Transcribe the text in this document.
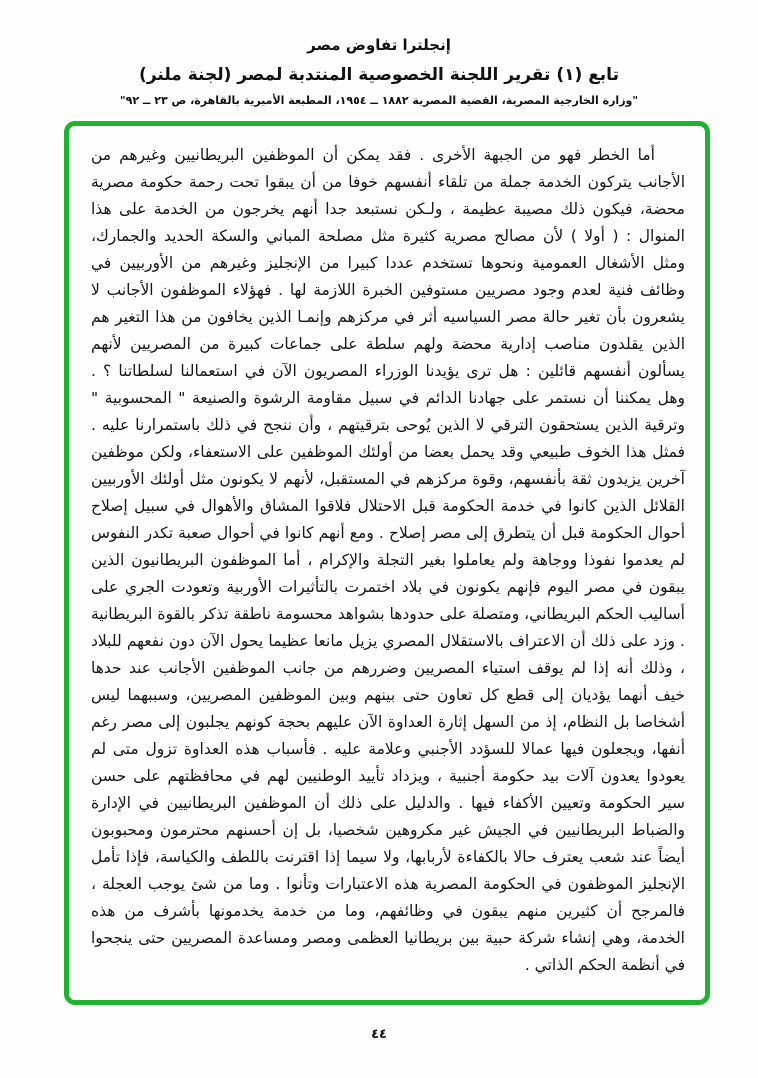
إنجلترا تفاوض مصر
تابع (١) تقرير اللجنة الخصوصية المنتدبة لمصر (لجنة ملنر)
"وزارة الخارجية المصرية، القضية المصرية ١٨٨٢ ــ ١٩٥٤، المطبعة الأميرية بالقاهرة، ص ٢٣ ــ ٩٢"

أما الخطر فهو من الجبهة الأخرى . فقد يمكن أن الموظفين البريطانيين وغيرهم من الأجانب يتركون الخدمة جملة من تلقاء أنفسهم خوفا من أن يبقوا تحت رحمة حكومة مصرية محضة، فيكون ذلك مصيبة عظيمة ، ولـكن نستبعد جدا أنهم يخرجون من الخدمة على هذا المنوال : ( أولا ) لأن مصالح مصرية كثيرة مثل مصلحة المباني والسكة الحديد والجمارك، ومثل الأشغال العمومية ونحوها تستخدم عددا كبيرا من الإنجليز وغيرهم من الأوربيين في وظائف فنية لعدم وجود مصريين مستوفين الخبرة اللازمة لها . فهؤلاء الموظفون الأجانب لا يشعرون بأن تغير حالة مصر السياسيه أثر في مركزهم وإنمـا الذين يخافون من هذا التغير هم الذين يقلدون مناصب إدارية محضة ولهم سلطة على جماعات كبيرة من المصريين لأنهم يسألون أنفسهم قائلين : هل ترى يؤيدنا الوزراء المصريون الآن في استعمالنا لسلطاتنا ؟ . وهل يمكننا أن نستمر على جهادنا الدائم في سبيل مقاومة الرشوة والصنيعة " المحسوبية " وترقية الذين يستحقون الترقي لا الذين يُوحى بترقيتهم ، وأن ننجح في ذلك باستمرارنا عليه . فمثل هذا الخوف طبيعي وقد يحمل بعضا من أولئك الموظفين على الاستعفاء، ولكن موظفين آخرين يزيدون ثقة بأنفسهم، وقوة مركزهم في المستقبل، لأنهم لا يكونون مثل أولئك الأوربيين القلائل الذين كانوا في خدمة الحكومة قبل الاحتلال فلاقوا المشاق والأهوال في سبيل إصلاح أحوال الحكومة قبل أن يتطرق إلى مصر إصلاح . ومع أنهم كانوا في أحوال صعبة تكدر النفوس لم يعدموا نفوذا ووجاهة ولم يعاملوا بغير التجلة والإكرام ، أما الموظفون البريطانيون الذين يبقون في مصر اليوم فإنهم يكونون في بلاد اختمرت بالتأثيرات الأوربية وتعودت الجري على أساليب الحكم البريطاني، ومتصلة على حدودها بشواهد محسومة ناطقة تذكر بالقوة البريطانية . وزد على ذلك أن الاعتراف بالاستقلال المصري يزيل مانعا عظيما يحول الآن دون نفعهم للبلاد ، وذلك أنه إذا لم يوقف استياء المصريين وضررهم من جانب الموظفين الأجانب عند حدها خيف أنهما يؤديان إلى قطع كل تعاون حتى بينهم وبين الموظفين المصريين، وسببهما ليس أشخاصا بل النظام، إذ من السهل إثارة العداوة الآن عليهم بحجة كونهم يجلبون إلى مصر رغم أنفها، ويجعلون فيها عمالا للسؤدد الأجنبي وعلامة عليه . فأسباب هذه العداوة تزول متى لم يعودوا يعدون آلات بيد حكومة أجنبية ، ويزداد تأييد الوطنيين لهم في محافظتهم على حسن سير الحكومة وتعيين الأكفاء فيها . والدليل على ذلك أن الموظفين البريطانيين في الإدارة والضباط البريطانيين في الجيش غير مكروهين شخصيا، بل إن أحسنهم محترمون ومحبوبون أيضاً عند شعب يعترف حالا بالكفاءة لأربابها، ولا سيما إذا اقترنت باللطف والكياسة، فإذا تأمل الإنجليز الموظفون في الحكومة المصرية هذه الاعتبارات وتأنوا . وما من شئ يوجب العجلة ، فالمرجح أن كثيرين منهم يبقون في وظائفهم، وما من خدمة يخدمونها بأشرف من هذه الخدمة، وهي إنشاء شركة حبية بين بريطانيا العظمى ومصر ومساعدة المصريين حتى ينجحوا في أنظمة الحكم الذاتي .

٤٤
